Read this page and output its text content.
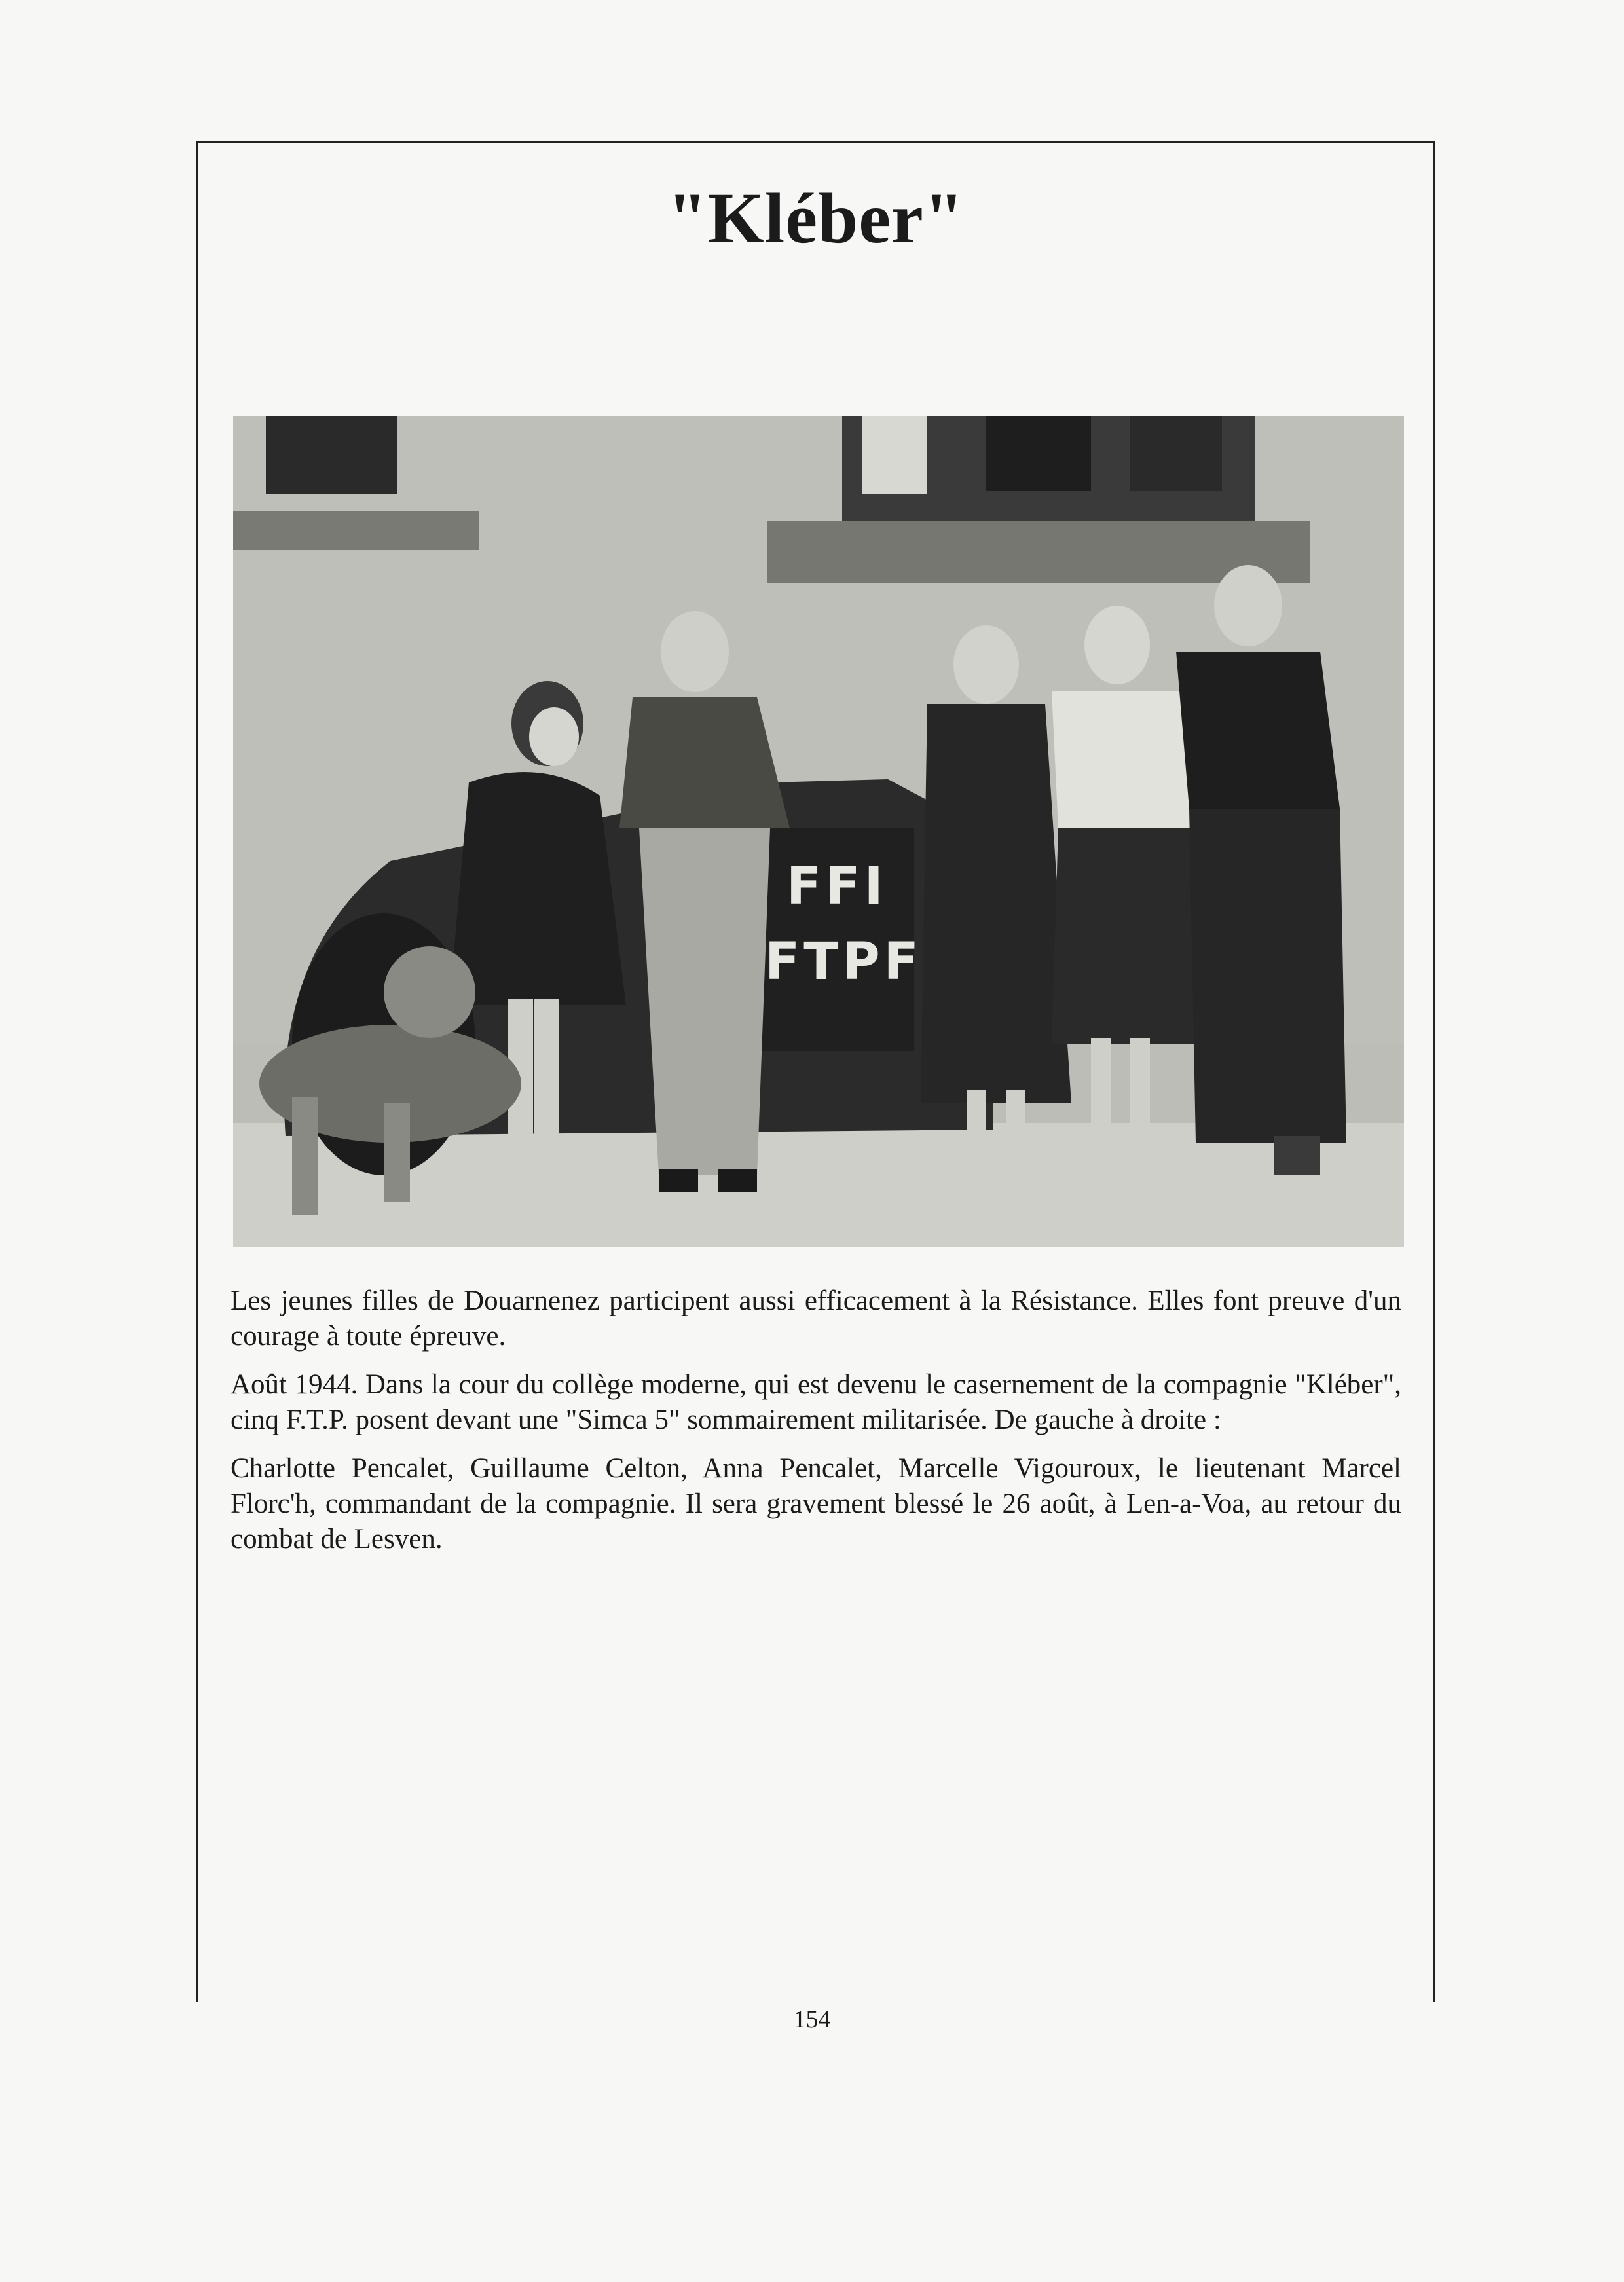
"Kléber"
FFI
FTPF

Les jeunes filles de Douarnenez participent aussi efficacement à la Résistance. Elles font preuve d'un courage à toute épreuve.

Août 1944. Dans la cour du collège moderne, qui est devenu le casernement de la compagnie "Kléber", cinq F.T.P. posent devant une "Simca 5" sommairement militarisée. De gauche à droite :

Charlotte Pencalet, Guillaume Celton, Anna Pencalet, Marcelle Vigouroux, le lieutenant Marcel Florc'h, commandant de la compagnie. Il sera gravement blessé le 26 août, à Len-a-Voa, au retour du combat de Lesven.

154
